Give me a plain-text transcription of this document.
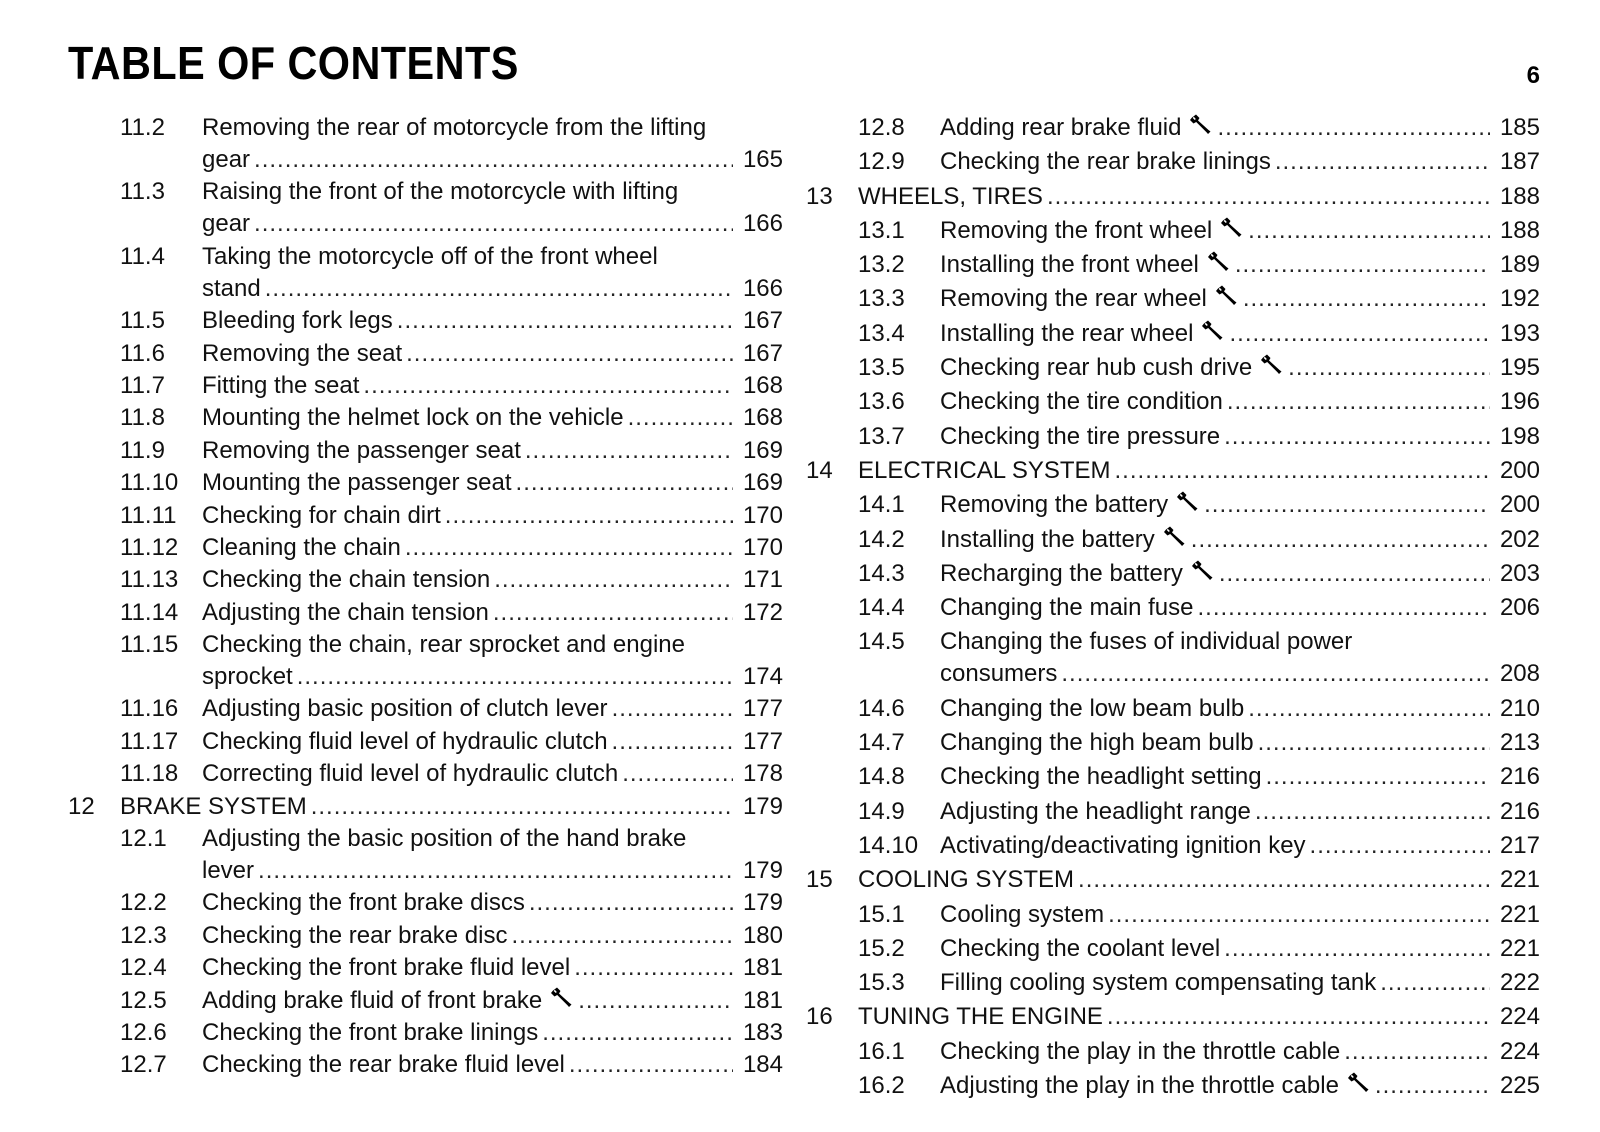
TABLE OF CONTENTS	6
11.2 Removing the rear of motorcycle from the lifting
gear .....	165
11.3 Raising the front of the motorcycle with lifting
gear .....	166
11.4 Taking the motorcycle off of the front wheel
stand .....	166
11.5 Bleeding fork legs .....	167
11.6 Removing the seat .....	167
11.7 Fitting the seat .....	168
11.8 Mounting the helmet lock on the vehicle .....	168
11.9 Removing the passenger seat .....	169
11.10 Mounting the passenger seat .....	169
11.11 Checking for chain dirt .....	170
11.12 Cleaning the chain .....	170
11.13 Checking the chain tension .....	171
11.14 Adjusting the chain tension .....	172
11.15 Checking the chain, rear sprocket and engine
sprocket .....	174
11.16 Adjusting basic position of clutch lever .....	177
11.17 Checking fluid level of hydraulic clutch .....	177
11.18 Correcting fluid level of hydraulic clutch .....	178
12 BRAKE SYSTEM .....	179
12.1 Adjusting the basic position of the hand brake
lever .....	179
12.2 Checking the front brake discs .....	179
12.3 Checking the rear brake disc .....	180
12.4 Checking the front brake fluid level .....	181
12.5 Adding brake fluid of front brake .....	181
12.6 Checking the front brake linings .....	183
12.7 Checking the rear brake fluid level .....	184
12.8 Adding rear brake fluid .....	185
12.9 Checking the rear brake linings .....	187
13 WHEELS, TIRES .....	188
13.1 Removing the front wheel .....	188
13.2 Installing the front wheel .....	189
13.3 Removing the rear wheel .....	192
13.4 Installing the rear wheel .....	193
13.5 Checking rear hub cush drive .....	195
13.6 Checking the tire condition .....	196
13.7 Checking the tire pressure .....	198
14 ELECTRICAL SYSTEM .....	200
14.1 Removing the battery .....	200
14.2 Installing the battery .....	202
14.3 Recharging the battery .....	203
14.4 Changing the main fuse .....	206
14.5 Changing the fuses of individual power
consumers .....	208
14.6 Changing the low beam bulb .....	210
14.7 Changing the high beam bulb .....	213
14.8 Checking the headlight setting .....	216
14.9 Adjusting the headlight range .....	216
14.10 Activating/deactivating ignition key .....	217
15 COOLING SYSTEM .....	221
15.1 Cooling system .....	221
15.2 Checking the coolant level .....	221
15.3 Filling cooling system compensating tank .....	222
16 TUNING THE ENGINE .....	224
16.1 Checking the play in the throttle cable .....	224
16.2 Adjusting the play in the throttle cable .....	225
